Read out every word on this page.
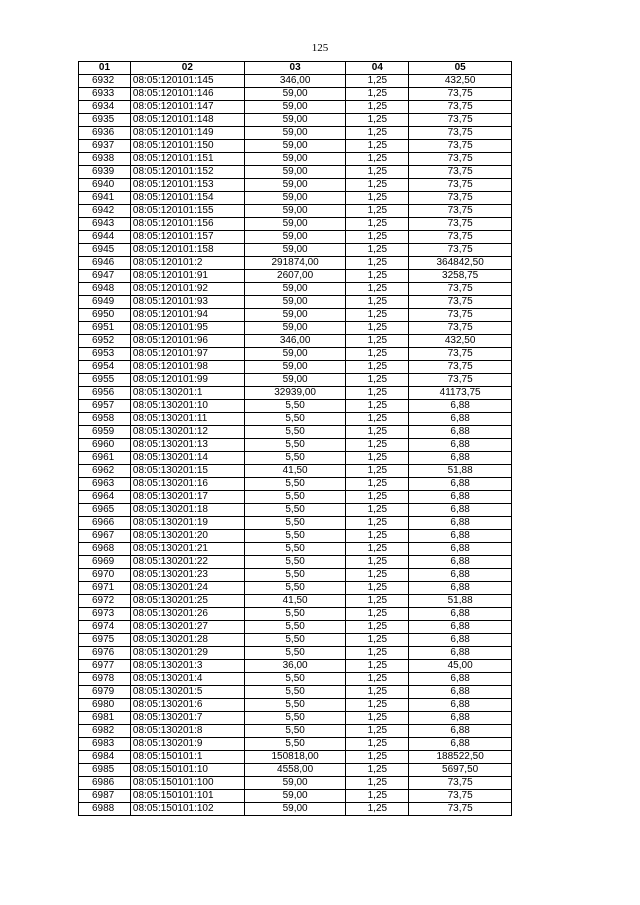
125
01	02	03	04	05
6932	08:05:120101:145	346,00	1,25	432,50
6933	08:05:120101:146	59,00	1,25	73,75
6934	08:05:120101:147	59,00	1,25	73,75
6935	08:05:120101:148	59,00	1,25	73,75
6936	08:05:120101:149	59,00	1,25	73,75
6937	08:05:120101:150	59,00	1,25	73,75
6938	08:05:120101:151	59,00	1,25	73,75
6939	08:05:120101:152	59,00	1,25	73,75
6940	08:05:120101:153	59,00	1,25	73,75
6941	08:05:120101:154	59,00	1,25	73,75
6942	08:05:120101:155	59,00	1,25	73,75
6943	08:05:120101:156	59,00	1,25	73,75
6944	08:05:120101:157	59,00	1,25	73,75
6945	08:05:120101:158	59,00	1,25	73,75
6946	08:05:120101:2	291874,00	1,25	364842,50
6947	08:05:120101:91	2607,00	1,25	3258,75
6948	08:05:120101:92	59,00	1,25	73,75
6949	08:05:120101:93	59,00	1,25	73,75
6950	08:05:120101:94	59,00	1,25	73,75
6951	08:05:120101:95	59,00	1,25	73,75
6952	08:05:120101:96	346,00	1,25	432,50
6953	08:05:120101:97	59,00	1,25	73,75
6954	08:05:120101:98	59,00	1,25	73,75
6955	08:05:120101:99	59,00	1,25	73,75
6956	08:05:130201:1	32939,00	1,25	41173,75
6957	08:05:130201:10	5,50	1,25	6,88
6958	08:05:130201:11	5,50	1,25	6,88
6959	08:05:130201:12	5,50	1,25	6,88
6960	08:05:130201:13	5,50	1,25	6,88
6961	08:05:130201:14	5,50	1,25	6,88
6962	08:05:130201:15	41,50	1,25	51,88
6963	08:05:130201:16	5,50	1,25	6,88
6964	08:05:130201:17	5,50	1,25	6,88
6965	08:05:130201:18	5,50	1,25	6,88
6966	08:05:130201:19	5,50	1,25	6,88
6967	08:05:130201:20	5,50	1,25	6,88
6968	08:05:130201:21	5,50	1,25	6,88
6969	08:05:130201:22	5,50	1,25	6,88
6970	08:05:130201:23	5,50	1,25	6,88
6971	08:05:130201:24	5,50	1,25	6,88
6972	08:05:130201:25	41,50	1,25	51,88
6973	08:05:130201:26	5,50	1,25	6,88
6974	08:05:130201:27	5,50	1,25	6,88
6975	08:05:130201:28	5,50	1,25	6,88
6976	08:05:130201:29	5,50	1,25	6,88
6977	08:05:130201:3	36,00	1,25	45,00
6978	08:05:130201:4	5,50	1,25	6,88
6979	08:05:130201:5	5,50	1,25	6,88
6980	08:05:130201:6	5,50	1,25	6,88
6981	08:05:130201:7	5,50	1,25	6,88
6982	08:05:130201:8	5,50	1,25	6,88
6983	08:05:130201:9	5,50	1,25	6,88
6984	08:05:150101:1	150818,00	1,25	188522,50
6985	08:05:150101:10	4558,00	1,25	5697,50
6986	08:05:150101:100	59,00	1,25	73,75
6987	08:05:150101:101	59,00	1,25	73,75
6988	08:05:150101:102	59,00	1,25	73,75
